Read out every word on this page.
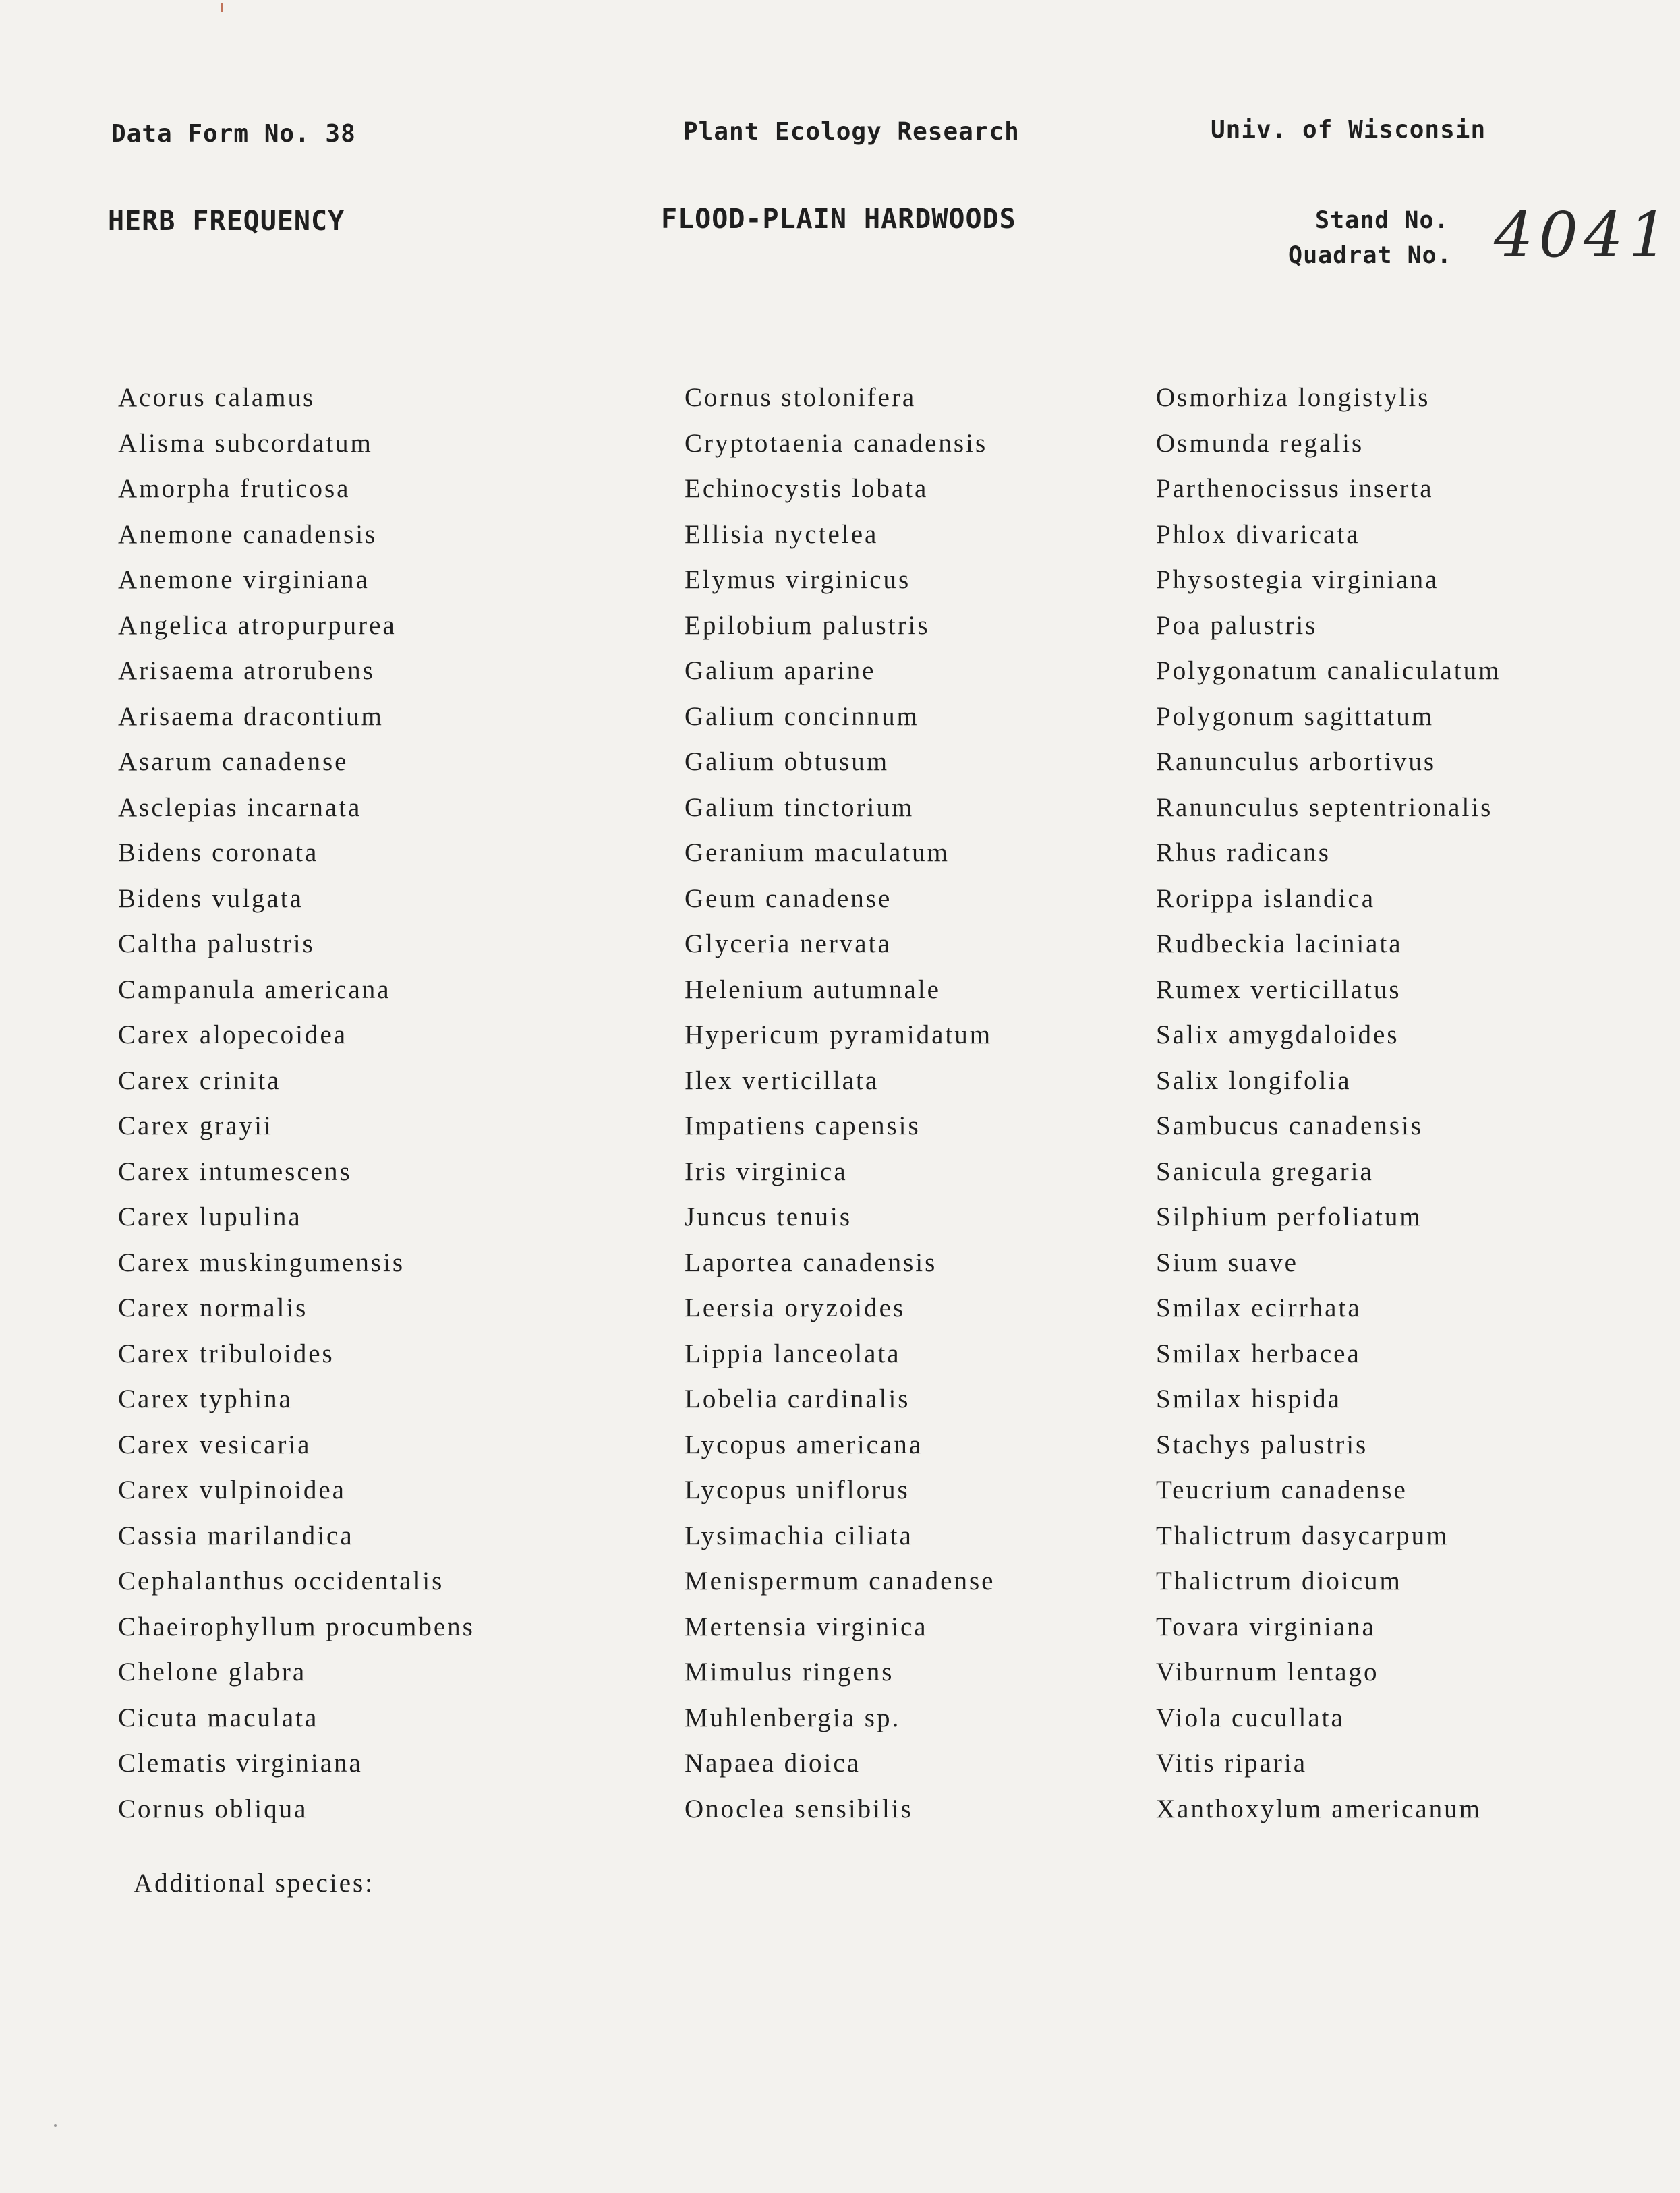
Data Form No. 38	Plant Ecology Research	Univ. of Wisconsin
HERB FREQUENCY	FLOOD-PLAIN HARDWOODS	Stand No.
Quadrat No. 4041
Acorus calamus
Alisma subcordatum
Amorpha fruticosa
Anemone canadensis
Anemone virginiana
Angelica atropurpurea
Arisaema atrorubens
Arisaema dracontium
Asarum canadense
Asclepias incarnata
Bidens coronata
Bidens vulgata
Caltha palustris
Campanula americana
Carex alopecoidea
Carex crinita
Carex grayii
Carex intumescens
Carex lupulina
Carex muskingumensis
Carex normalis
Carex tribuloides
Carex typhina
Carex vesicaria
Carex vulpinoidea
Cassia marilandica
Cephalanthus occidentalis
Chaeirophyllum procumbens
Chelone glabra
Cicuta maculata
Clematis virginiana
Cornus obliqua
Cornus stolonifera
Cryptotaenia canadensis
Echinocystis lobata
Ellisia nyctelea
Elymus virginicus
Epilobium palustris
Galium aparine
Galium concinnum
Galium obtusum
Galium tinctorium
Geranium maculatum
Geum canadense
Glyceria nervata
Helenium autumnale
Hypericum pyramidatum
Ilex verticillata
Impatiens capensis
Iris virginica
Juncus tenuis
Laportea canadensis
Leersia oryzoides
Lippia lanceolata
Lobelia cardinalis
Lycopus americana
Lycopus uniflorus
Lysimachia ciliata
Menispermum canadense
Mertensia virginica
Mimulus ringens
Muhlenbergia sp.
Napaea dioica
Onoclea sensibilis
Osmorhiza longistylis
Osmunda regalis
Parthenocissus inserta
Phlox divaricata
Physostegia virginiana
Poa palustris
Polygonatum canaliculatum
Polygonum sagittatum
Ranunculus arbortivus
Ranunculus septentrionalis
Rhus radicans
Rorippa islandica
Rudbeckia laciniata
Rumex verticillatus
Salix amygdaloides
Salix longifolia
Sambucus canadensis
Sanicula gregaria
Silphium perfoliatum
Sium suave
Smilax ecirrhata
Smilax herbacea
Smilax hispida
Stachys palustris
Teucrium canadense
Thalictrum dasycarpum
Thalictrum dioicum
Tovara virginiana
Viburnum lentago
Viola cucullata
Vitis riparia
Xanthoxylum americanum
Additional species:
